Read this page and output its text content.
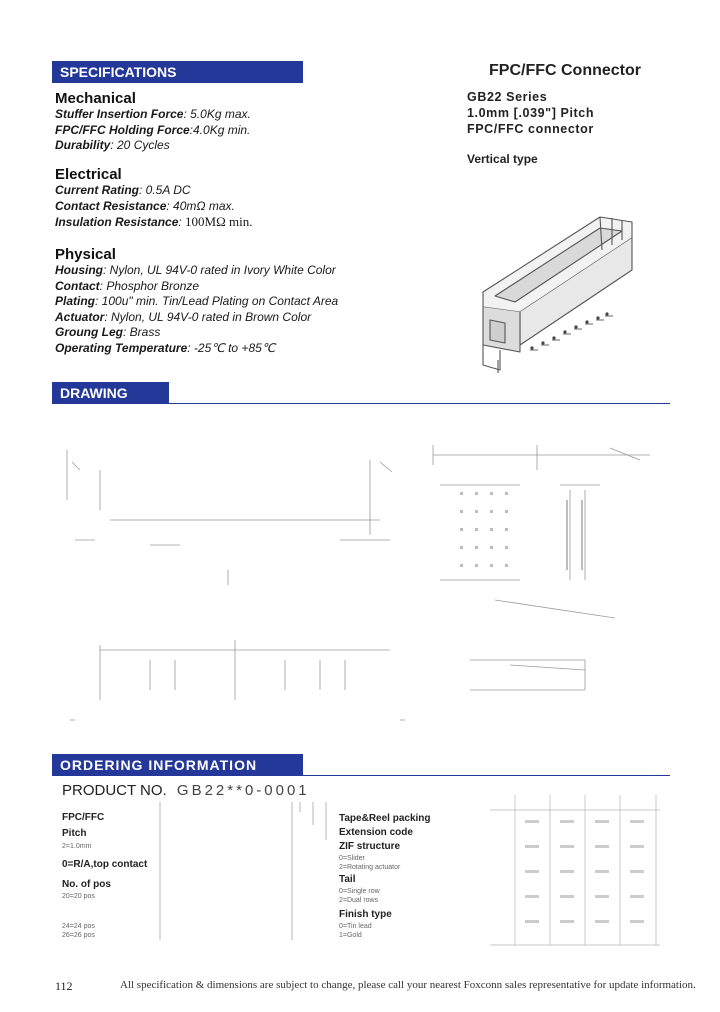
SPECIFICATIONS	FPC/FFC Connector
GB22 Series
1.0mm [.039"] Pitch
FPC/FFC connector
Vertical type
Mechanical
Stuffer Insertion Force: 5.0Kg max.
FPC/FFC Holding Force:4.0Kg min.
Durability: 20 Cycles
Electrical
Current Rating: 0.5A DC
Contact Resistance: 40mΩ max.
Insulation Resistance: 100MΩ min.
Physical
Housing: Nylon, UL 94V-0 rated in Ivory White Color
Contact: Phosphor Bronze
Plating: 100u" min. Tin/Lead Plating on Contact Area
Actuator: Nylon, UL 94V-0 rated in Brown Color
Groung Leg: Brass
Operating Temperature: -25℃ to +85℃
DRAWING
ORDERING INFORMATION
PRODUCT NO. GB22**0-0001
FPC/FFC
Pitch
2=1.0mm
0=R/A,top contact
No. of pos
20=20 pos
24=24 pos
26=26 pos
Tape&Reel packing
Extension code
ZIF structure
0=Slider
2=Rotating actuator
Tail
0=Single row
2=Dual rows
Finish type
0=Tin lead
1=Gold
112	All specification & dimensions are subject to change, please call your nearest Foxconn sales representative for update information.
